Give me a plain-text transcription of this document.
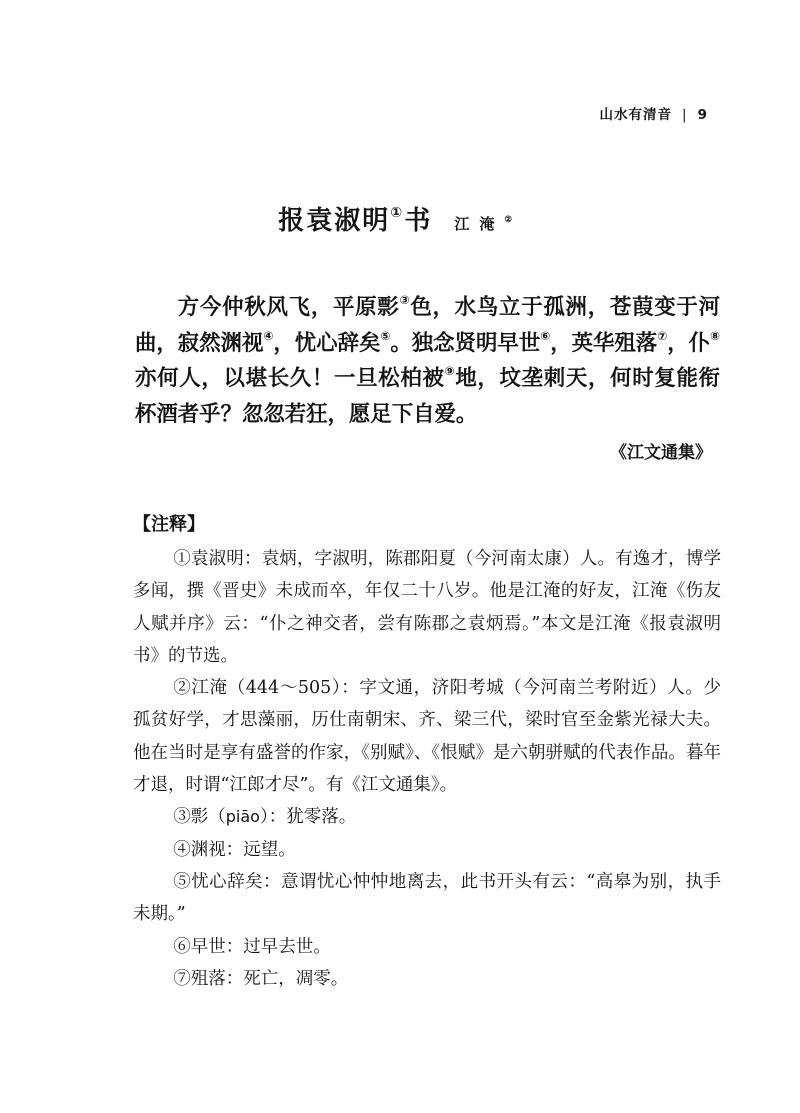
山水有清音 | 9
报袁淑明①书 江淹②

方今仲秋风飞，平原彯③色，水鸟立于孤洲，苍葭变于河曲，寂然渊视④，忧心辞矣⑤。独念贤明早世⑥，英华殂落⑦，仆⑧亦何人，以堪长久！一旦松柏被⑨地，坟垄刺天，何时复能衔杯酒者乎？忽忽若狂，愿足下自爱。

《江文通集》
【注释】

①袁淑明：袁炳，字淑明，陈郡阳夏（今河南太康）人。有逸才，博学多闻，撰《晋史》未成而卒，年仅二十八岁。他是江淹的好友，江淹《伤友人赋并序》云：“仆之神交者，尝有陈郡之袁炳焉。”本文是江淹《报袁淑明书》的节选。

②江淹（444～505）：字文通，济阳考城（今河南兰考附近）人。少孤贫好学，才思藻丽，历仕南朝宋、齐、梁三代，梁时官至金紫光禄大夫。他在当时是享有盛誉的作家，《别赋》、《恨赋》是六朝骈赋的代表作品。暮年才退，时谓“江郎才尽”。有《江文通集》。

③彯（piāo）：犹零落。

④渊视：远望。

⑤忧心辞矣：意谓忧心忡忡地离去，此书开头有云：“高皋为别，执手未期。”

⑥早世：过早去世。

⑦殂落：死亡，凋零。
